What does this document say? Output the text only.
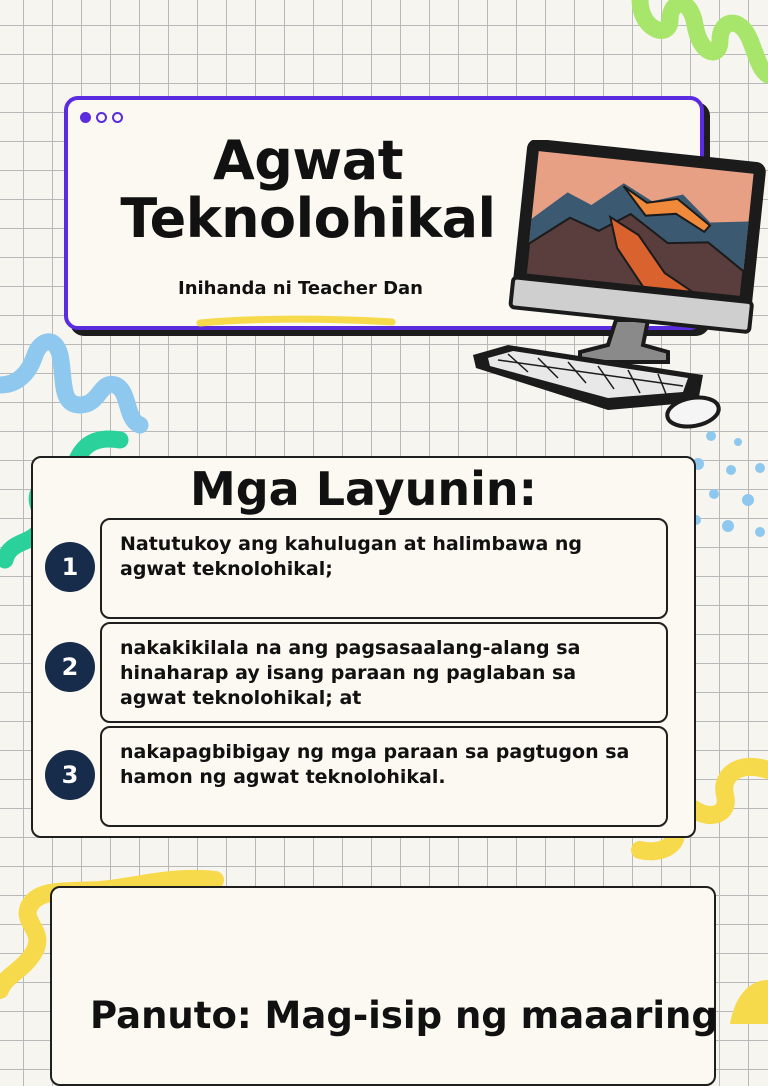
Agwat
Teknolohikal
Inihanda ni Teacher Dan
Mga Layunin:
1
Natutukoy ang kahulugan at halimbawa ng agwat teknolohikal;
2
nakakikilala na ang pagsasaalang-alang sa hinaharap ay isang paraan ng paglaban sa agwat teknolohikal; at
3
nakapagbibigay ng mga paraan sa pagtugon sa hamon ng agwat teknolohikal.
Panuto: Mag-isip ng maaaring
